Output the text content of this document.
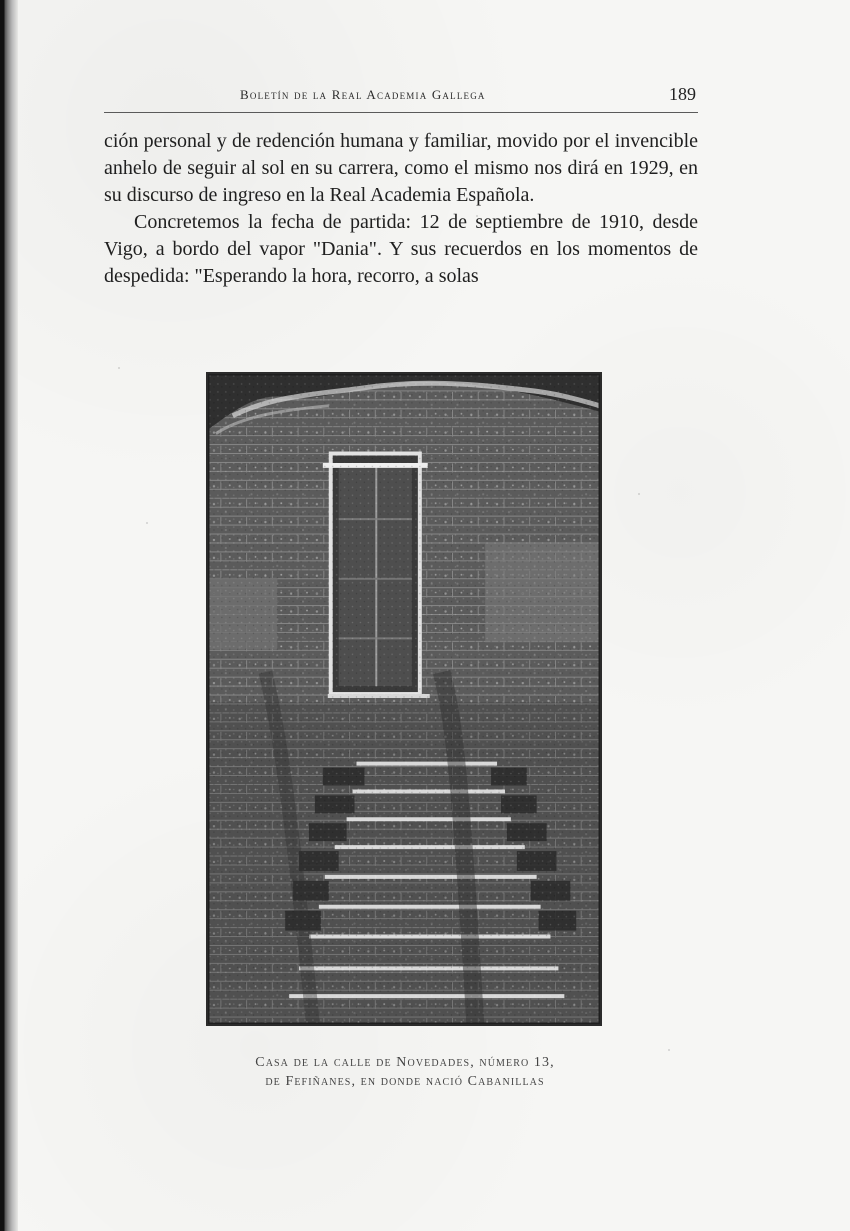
Boletín de la Real Academia Gallega	189

ción personal y de redención humana y familiar, movido por el invencible anhelo de seguir al sol en su carrera, como el mismo nos dirá en 1929, en su discurso de ingreso en la Real Academia Española.

Concretemos la fecha de partida: 12 de septiembre de 1910, desde Vigo, a bordo del vapor "Dania". Y sus recuerdos en los momentos de despedida: "Esperando la hora, recorro, a solas

Casa de la calle de Novedades, número 13,
de Fefiñanes, en donde nació Cabanillas
